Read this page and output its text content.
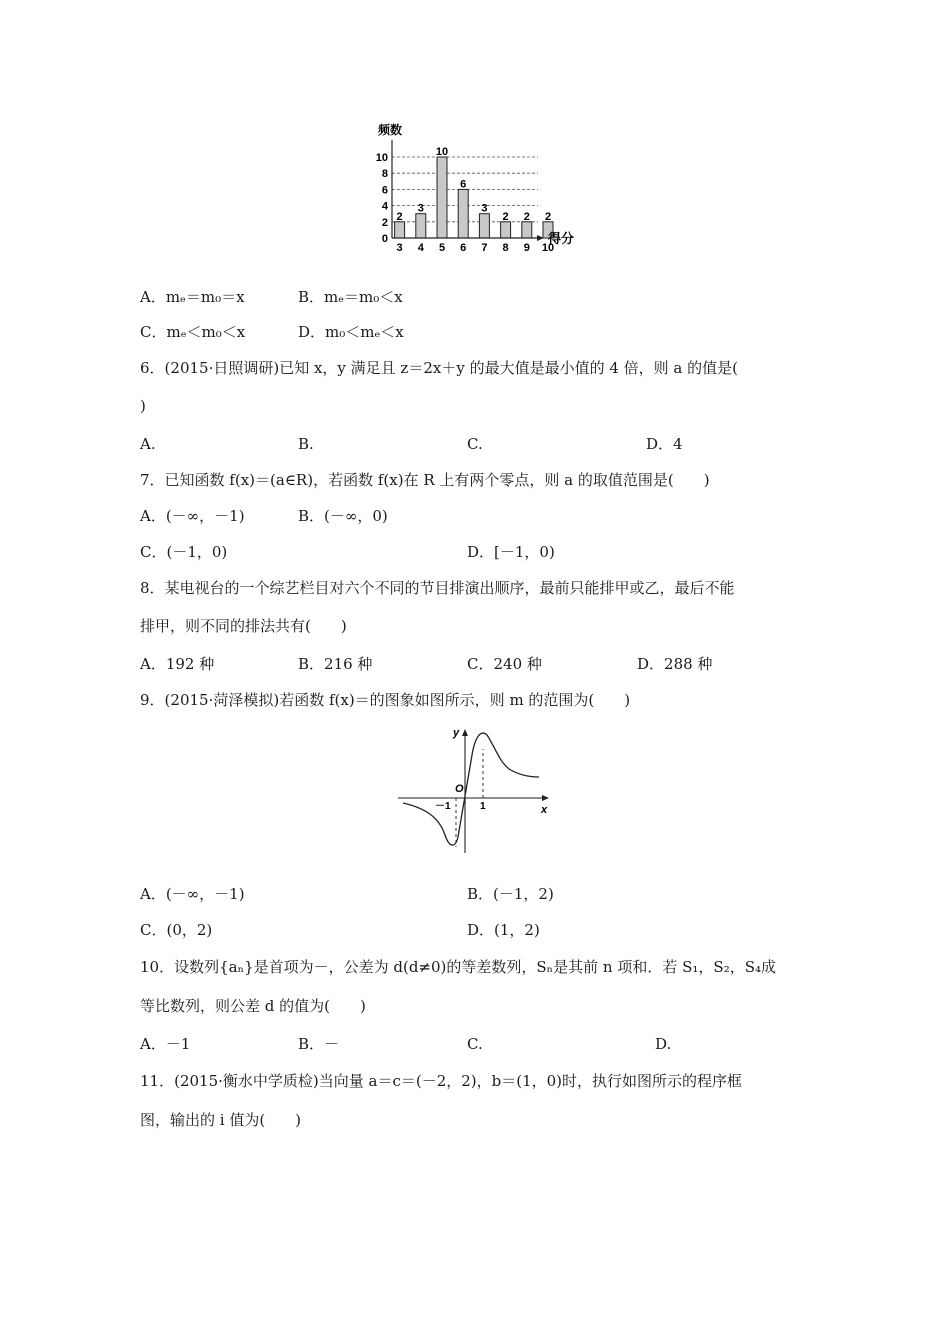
2
3
10
6
3
2 2 2
3 4 5 6 7 8 9 10
0
2
4
6
8
10
频数
得分
A．mₑ＝m₀＝x	B．mₑ＝m₀＜x
C．mₑ＜m₀＜x	D．m₀＜mₑ＜x
6．(2015·日照调研)已知 x，y 满足且 z＝2x＋y 的最大值是最小值的 4 倍，则 a 的值是(
)
A.	B.	C.	D．4
7．已知函数 f(x)＝(a∈R)，若函数 f(x)在 R 上有两个零点，则 a 的取值范围是(　　)
A．(－∞，－1)	B．(－∞，0)
C．(－1，0)	D．[－1，0)
8．某电视台的一个综艺栏目对六个不同的节目排演出顺序，最前只能排甲或乙，最后不能
排甲，则不同的排法共有(　　)
A．192 种	B．216 种	C．240 种	D．288 种
9．(2015·菏泽模拟)若函数 f(x)＝的图象如图所示，则 m 的范围为(　　)
y
x
O
－1	1
A．(－∞，－1)	B．(－1，2)
C．(0，2)	D．(1，2)
10．设数列{aₙ}是首项为－，公差为 d(d≠0)的等差数列，Sₙ是其前 n 项和．若 S₁，S₂，S₄成
等比数列，则公差 d 的值为(　　)
A．－1	B．－	C.	D.
11．(2015·衡水中学质检)当向量 a＝c＝(－2，2)，b＝(1，0)时，执行如图所示的程序框
图，输出的 i 值为(　　)
